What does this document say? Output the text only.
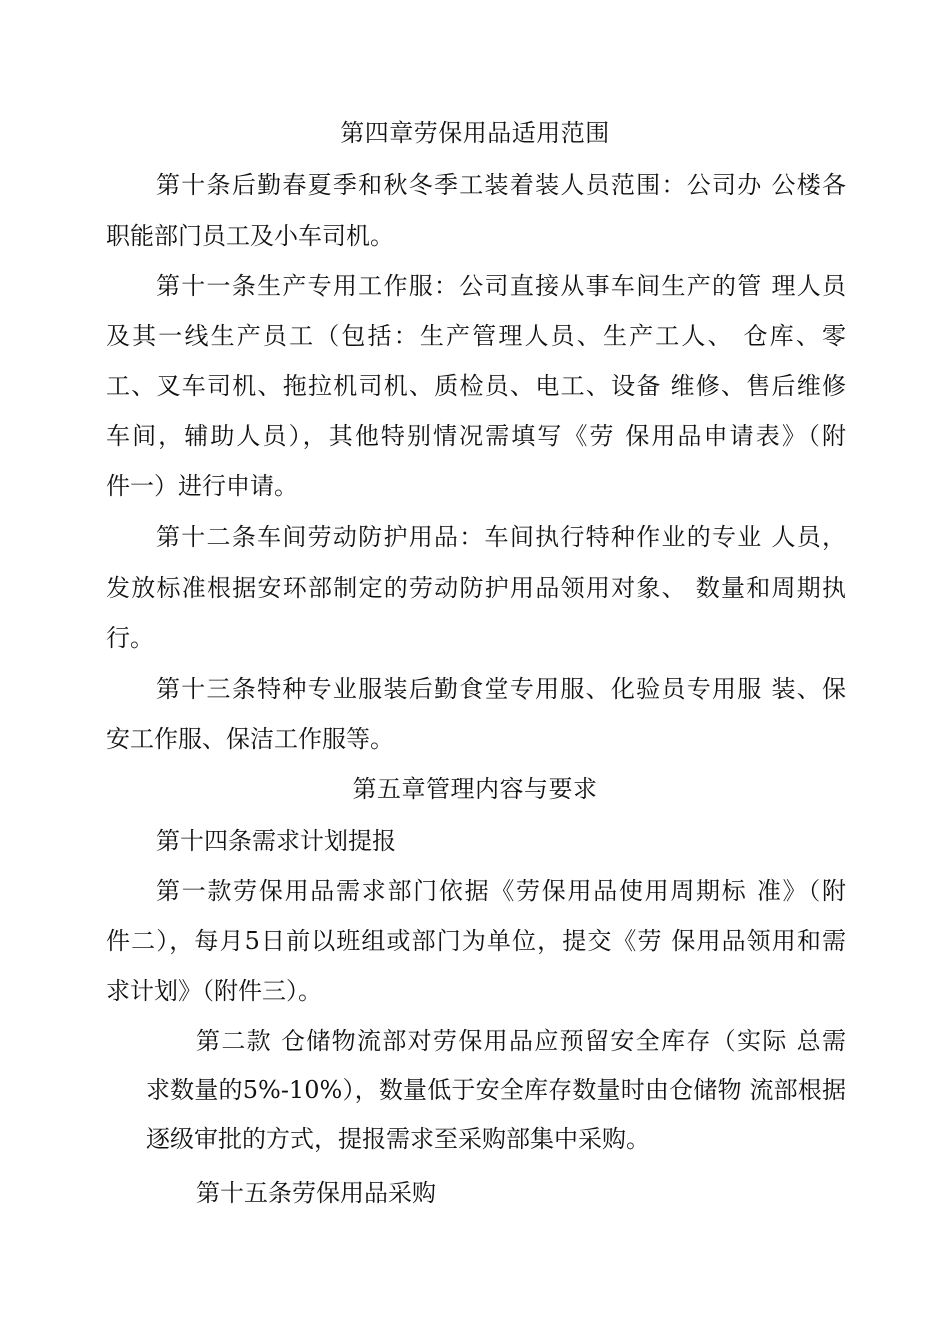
第四章劳保用品适用范围
第十条后勤春夏季和秋冬季工装着装人员范围：公司办 公楼各
职能部门员工及小车司机。
第十一条生产专用工作服：公司直接从事车间生产的管 理人员
及其一线生产员工（包括：生产管理人员、生产工人、 仓库、零
工、叉车司机、拖拉机司机、质检员、电工、设备 维修、售后维修
车间，辅助人员），其他特别情况需填写《劳 保用品申请表》（附
件一）进行申请。
第十二条车间劳动防护用品：车间执行特种作业的专业 人员，
发放标准根据安环部制定的劳动防护用品领用对象、 数量和周期执
行。
第十三条特种专业服装后勤食堂专用服、化验员专用服 装、保
安工作服、保洁工作服等。
第五章管理内容与要求
第十四条需求计划提报
第一款劳保用品需求部门依据《劳保用品使用周期标 准》（附
件二），每月5日前以班组或部门为单位，提交《劳 保用品领用和需
求计划》（附件三）。
第二款 仓储物流部对劳保用品应预留安全库存（实际 总需
求数量的5%-10%），数量低于安全库存数量时由仓储物 流部根据
逐级审批的方式，提报需求至采购部集中采购。
第十五条劳保用品采购
